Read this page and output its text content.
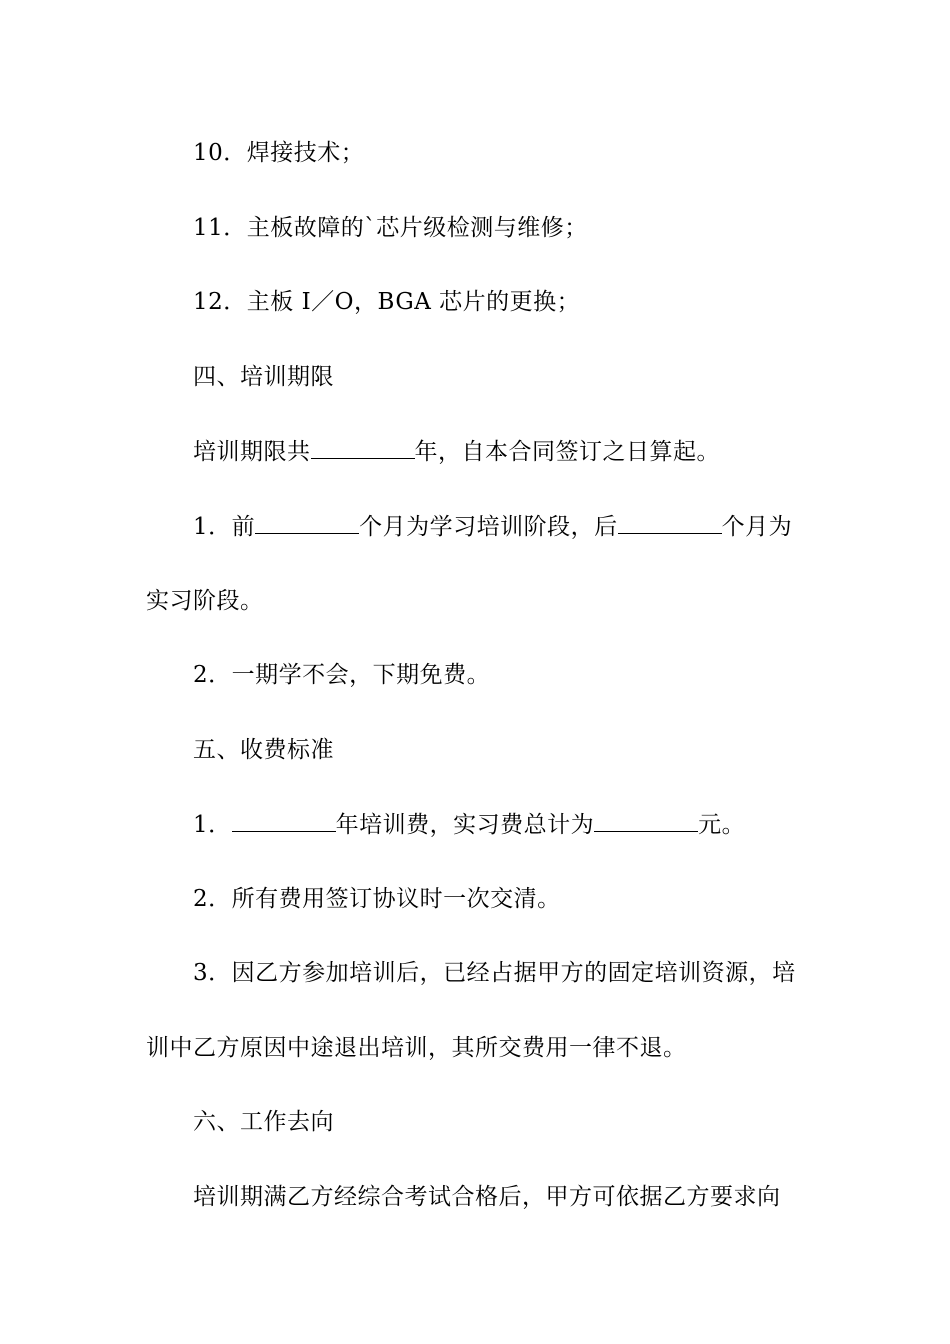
10．焊接技术；
11．主板故障的`芯片级检测与维修；
12．主板 I／O，BGA 芯片的更换；
四、培训期限
培训期限共	年，自本合同签订之日算起。
1．前	个月为学习培训阶段，后	个月为
实习阶段。
2．一期学不会，下期免费。
五、收费标准
1．	年培训费，实习费总计为	元。
2．所有费用签订协议时一次交清。
3．因乙方参加培训后，已经占据甲方的固定培训资源，培
训中乙方原因中途退出培训，其所交费用一律不退。
六、工作去向
培训期满乙方经综合考试合格后，甲方可依据乙方要求向
